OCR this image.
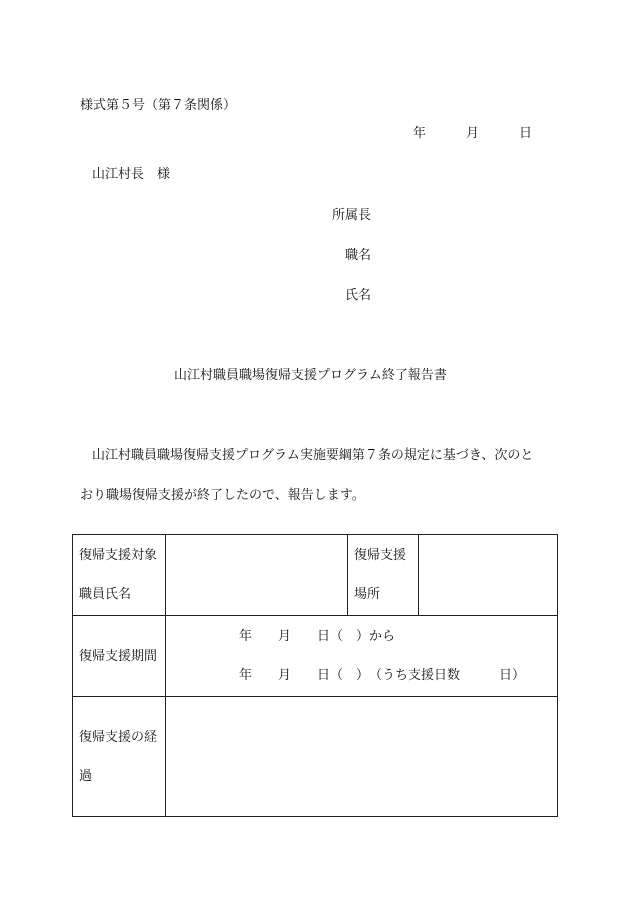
様式第５号（第７条関係）
年	月	日
山江村長　様
所属長
職名
氏名
山江村職員職場復帰支援プログラム終了報告書
山江村職員職場復帰支援プログラム実施要綱第７条の規定に基づき、次のと
おり職場復帰支援が終了したので、報告します。
復帰支援対象
職員氏名		復帰支援
場所	

復帰支援期間	年　　月　　日（　）から
年　　月　　日（　）　（うち支援日数　　　日）		

復帰支援の経
過			
